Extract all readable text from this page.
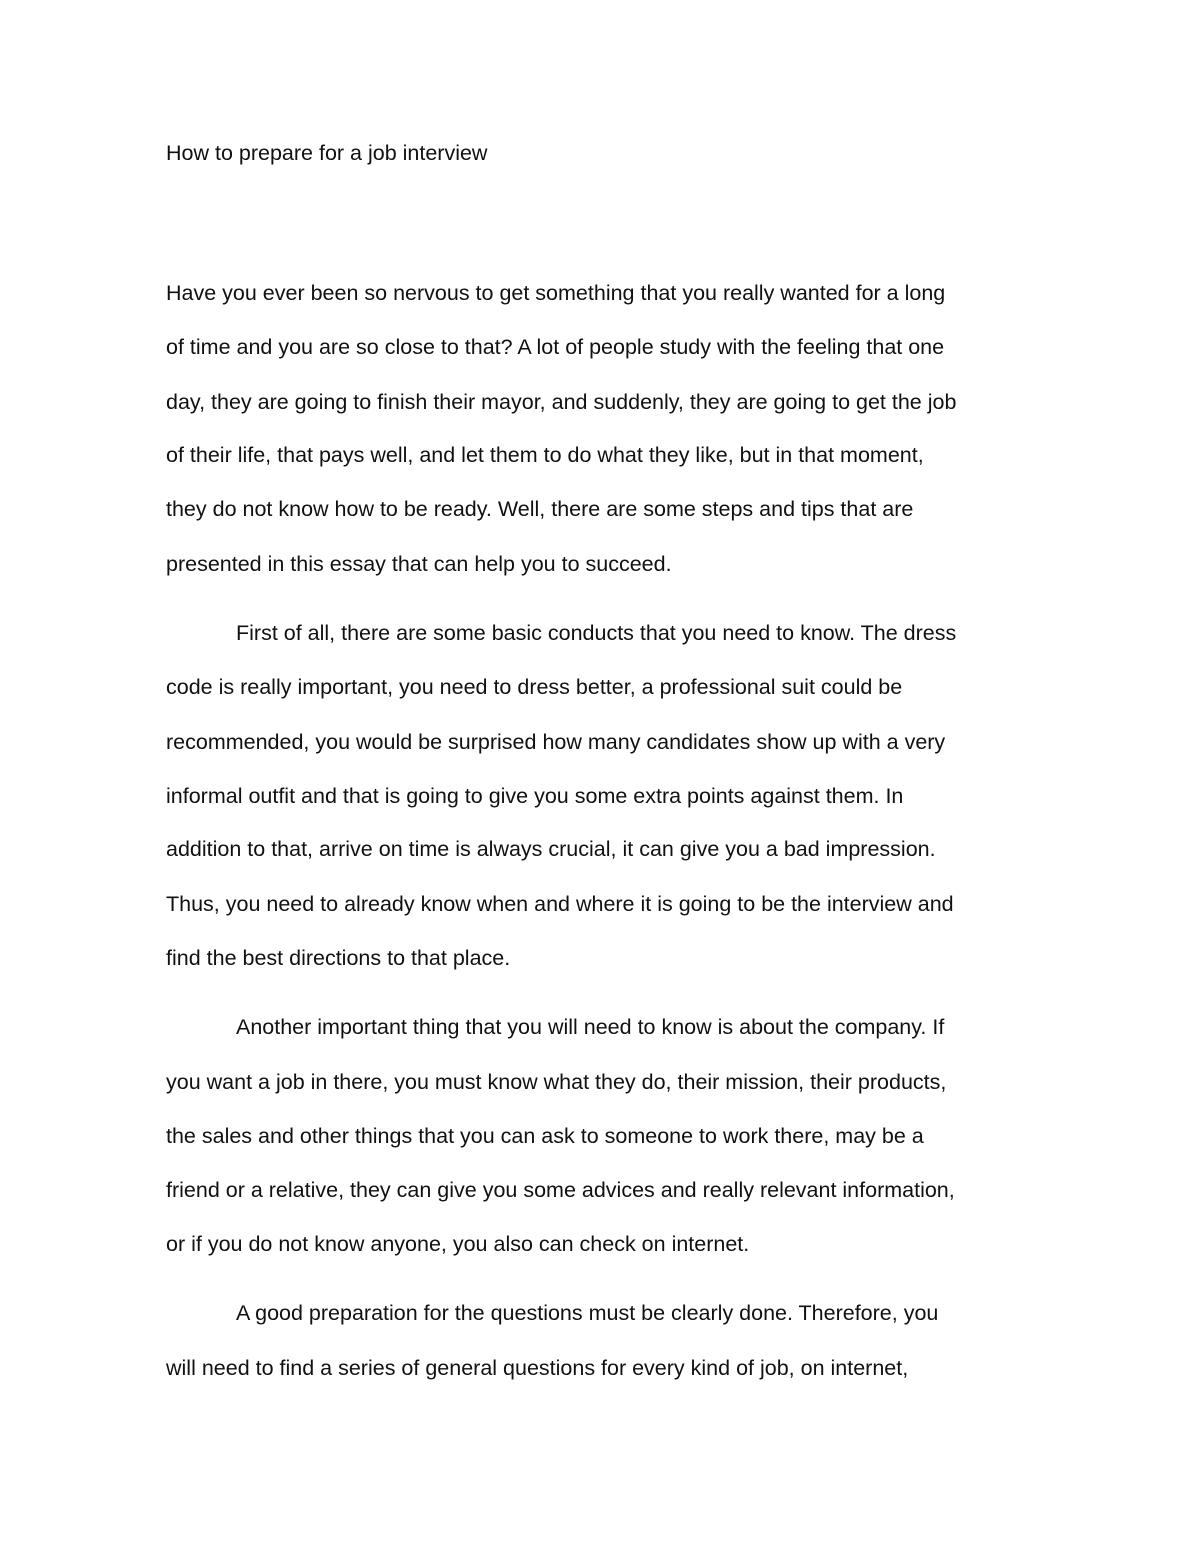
How to prepare for a job interview
Have you ever been so nervous to get something that you really wanted for a long
of time and you are so close to that? A lot of people study with the feeling that one
day, they are going to finish their mayor, and suddenly, they are going to get the job
of their life, that pays well, and let them to do what they like, but in that moment,
they do not know how to be ready. Well, there are some steps and tips that are
presented in this essay that can help you to succeed.
First of all, there are some basic conducts that you need to know. The dress
code is really important, you need to dress better, a professional suit could be
recommended, you would be surprised how many candidates show up with a very
informal outfit and that is going to give you some extra points against them. In
addition to that, arrive on time is always crucial, it can give you a bad impression.
Thus, you need to already know when and where it is going to be the interview and
find the best directions to that place.
Another important thing that you will need to know is about the company. If
you want a job in there, you must know what they do, their mission, their products,
the sales and other things that you can ask to someone to work there, may be a
friend or a relative, they can give you some advices and really relevant information,
or if you do not know anyone, you also can check on internet.
A good preparation for the questions must be clearly done. Therefore, you
will need to find a series of general questions for every kind of job, on internet,
